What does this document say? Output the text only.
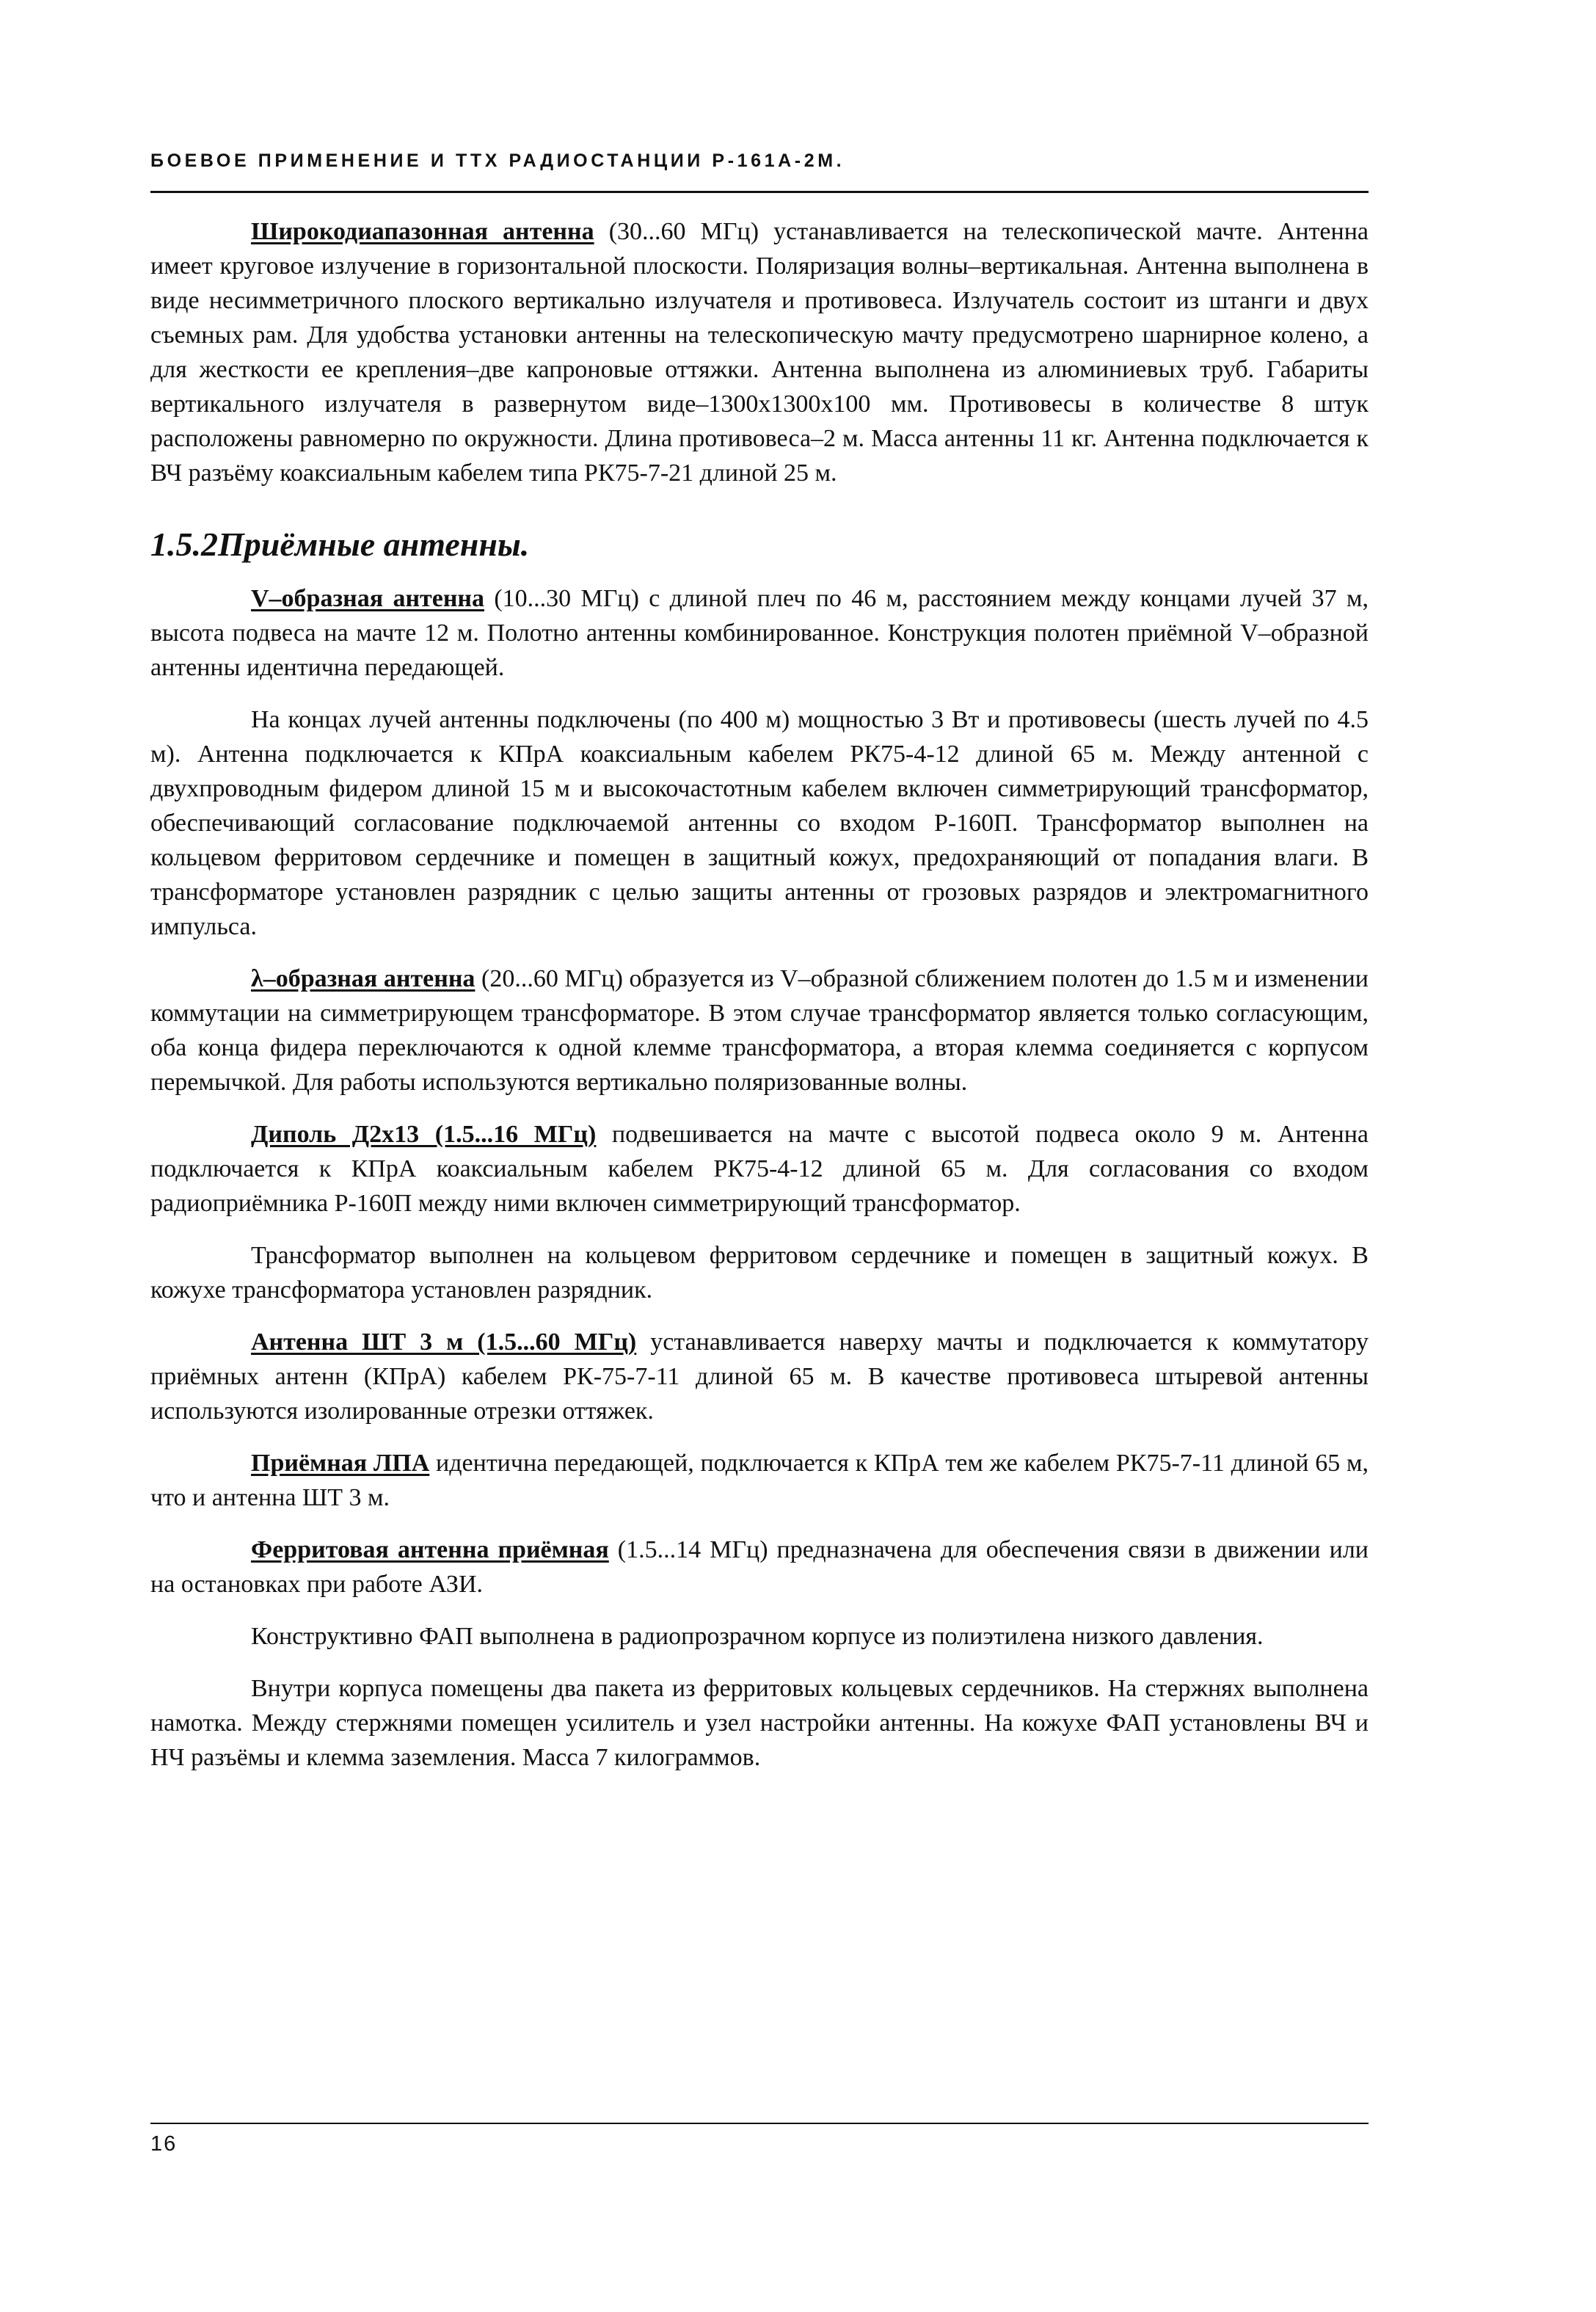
БОЕВОЕ ПРИМЕНЕНИЕ И ТТХ РАДИОСТАНЦИИ Р-161А-2М.

Широкодиапазонная антенна (30...60 МГц) устанавливается на телескопической мачте. Антенна имеет круговое излучение в горизонтальной плоскости. Поляризация волны–вертикальная. Антенна выполнена в виде несимметричного плоского вертикально излучателя и противовеса. Излучатель состоит из штанги и двух съемных рам. Для удобства установки антенны на телескопическую мачту предусмотрено шарнирное колено, а для жесткости ее крепления–две капроновые оттяжки. Антенна выполнена из алюминиевых труб. Габариты вертикального излучателя в развернутом виде–1300х1300х100 мм. Противовесы в количестве 8 штук расположены равномерно по окружности. Длина противовеса–2 м. Масса антенны 11 кг. Антенна подключается к ВЧ разъёму коаксиальным кабелем типа РК75-7-21 длиной 25 м.

1.5.2Приёмные антенны.

V–образная антенна (10...30 МГц) с длиной плеч по 46 м, расстоянием между концами лучей 37 м, высота подвеса на мачте 12 м. Полотно антенны комбинированное. Конструкция полотен приёмной V–образной антенны идентична передающей.

На концах лучей антенны подключены (по 400 м) мощностью 3 Вт и противовесы (шесть лучей по 4.5 м). Антенна подключается к КПрА коаксиальным кабелем РК75-4-12 длиной 65 м. Между антенной с двухпроводным фидером длиной 15 м и высокочастотным кабелем включен симметрирующий трансформатор, обеспечивающий согласование подключаемой антенны со входом Р-160П. Трансформатор выполнен на кольцевом ферритовом сердечнике и помещен в защитный кожух, предохраняющий от попадания влаги. В трансформаторе установлен разрядник с целью защиты антенны от грозовых разрядов и электромагнитного импульса.

λ–образная антенна (20...60 МГц) образуется из V–образной сближением полотен до 1.5 м и изменении коммутации на симметрирующем трансформаторе. В этом случае трансформатор является только согласующим, оба конца фидера переключаются к одной клемме трансформатора, а вторая клемма соединяется с корпусом перемычкой. Для работы используются вертикально поляризованные волны.

Диполь Д2х13 (1.5...16 МГц) подвешивается на мачте с высотой подвеса около 9 м. Антенна подключается к КПрА коаксиальным кабелем РК75-4-12 длиной 65 м. Для согласования со входом радиоприёмника Р-160П между ними включен симметрирующий трансформатор.

Трансформатор выполнен на кольцевом ферритовом сердечнике и помещен в защитный кожух. В кожухе трансформатора установлен разрядник.

Антенна ШТ 3 м (1.5...60 МГц) устанавливается наверху мачты и подключается к коммутатору приёмных антенн (КПрА) кабелем РК-75-7-11 длиной 65 м. В качестве противовеса штыревой антенны используются изолированные отрезки оттяжек.

Приёмная ЛПА идентична передающей, подключается к КПрА тем же кабелем РК75-7-11 длиной 65 м, что и антенна ШТ 3 м.

Ферритовая антенна приёмная (1.5...14 МГц) предназначена для обеспечения связи в движении или на остановках при работе АЗИ.

Конструктивно ФАП выполнена в радиопрозрачном корпусе из полиэтилена низкого давления.

Внутри корпуса помещены два пакета из ферритовых кольцевых сердечников. На стержнях выполнена намотка. Между стержнями помещен усилитель и узел настройки антенны. На кожухе ФАП установлены ВЧ и НЧ разъёмы и клемма заземления. Масса 7 килограммов.

16
